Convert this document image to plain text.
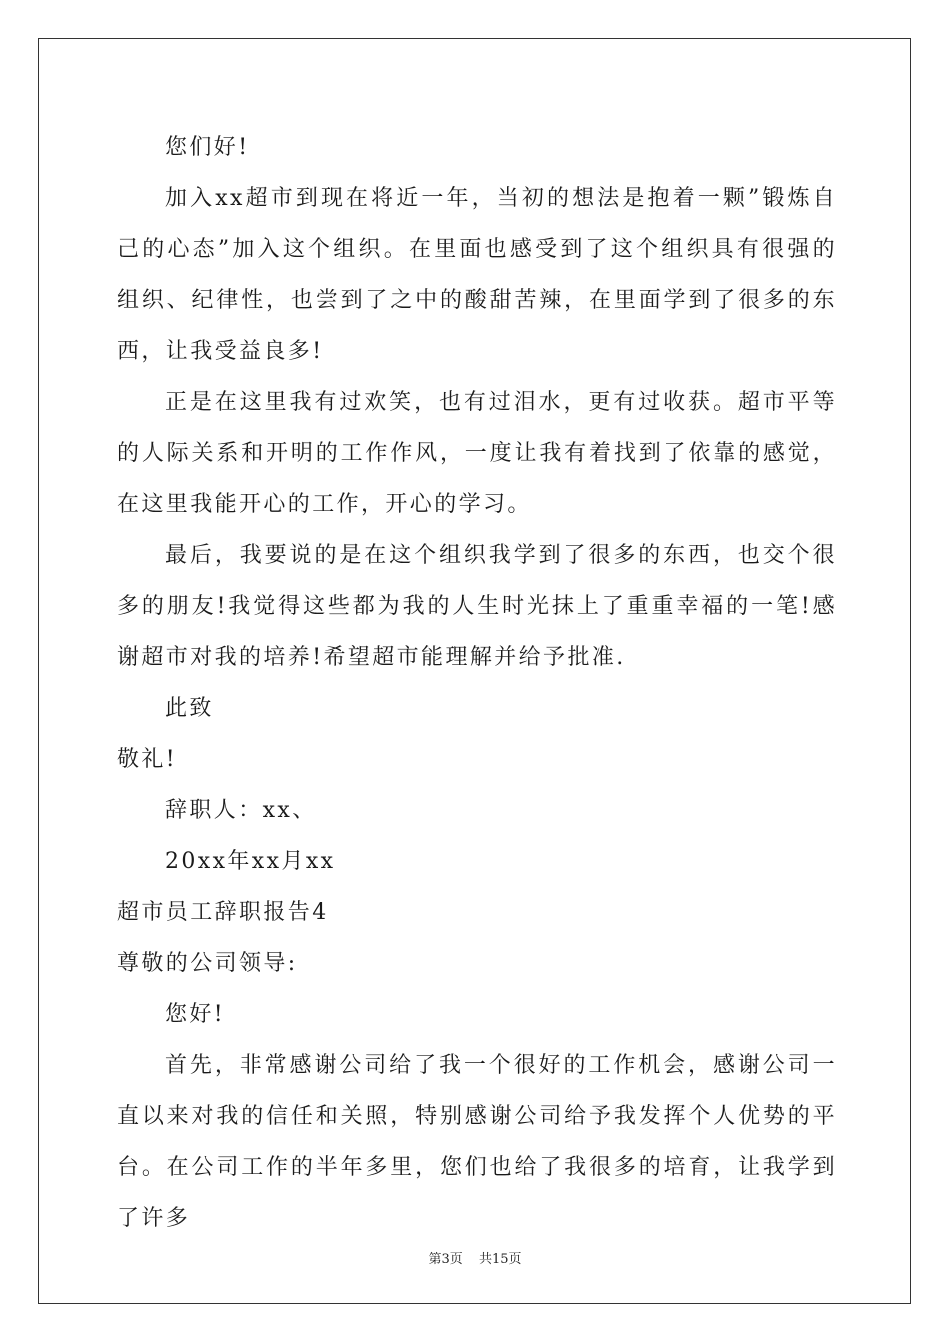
您们好!

加入xx超市到现在将近一年，当初的想法是抱着一颗”锻炼自己的心态”加入这个组织。在里面也感受到了这个组织具有很强的组织、纪律性，也尝到了之中的酸甜苦辣，在里面学到了很多的东西，让我受益良多!

正是在这里我有过欢笑，也有过泪水，更有过收获。超市平等的人际关系和开明的工作作风，一度让我有着找到了依靠的感觉，在这里我能开心的工作，开心的学习。

最后，我要说的是在这个组织我学到了很多的东西，也交个很多的朋友!我觉得这些都为我的人生时光抹上了重重幸福的一笔!感谢超市对我的培养!希望超市能理解并给予批准.

此致

敬礼!

辞职人：xx、

20xx年xx月xx

超市员工辞职报告4

尊敬的公司领导:

您好!

首先，非常感谢公司给了我一个很好的工作机会，感谢公司一直以来对我的信任和关照，特别感谢公司给予我发挥个人优势的平台。在公司工作的半年多里，您们也给了我很多的培育，让我学到了许多

第3页 共15页
